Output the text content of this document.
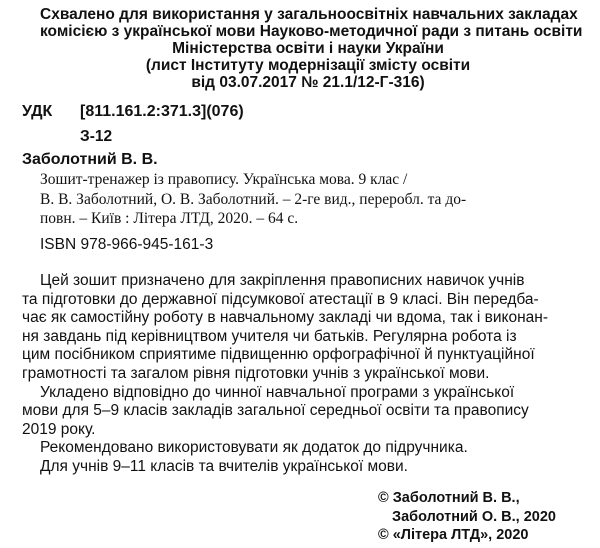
Схвалено для використання у загальноосвітніх навчальних закладах
комісією з української мови Науково-методичної ради з питань освіти
Міністерства освіти і науки України
(лист Інституту модернізації змісту освіти
від 03.07.2017 № 21.1/12-Г-316)
УДК [811.161.2:371.3](076)
З-12
Заболотний В. В.
Зошит-тренажер із правопису. Українська мова. 9 клас /
В. В. Заболотний, О. В. Заболотний. – 2-ге вид., переробл. та до-
повн. – Київ : Літера ЛТД, 2020. – 64 с.
ISBN 978-966-945-161-3
Цей зошит призначено для закріплення правописних навичок учнів
та підготовки до державної підсумкової атестації в 9 класі. Він передба-
чає як самостійну роботу в навчальному закладі чи вдома, так і виконан-
ня завдань під керівництвом учителя чи батьків. Регулярна робота із
цим посібником сприятиме підвищенню орфографічної й пунктуаційної
грамотності та загалом рівня підготовки учнів з української мови.
Укладено відповідно до чинної навчальної програми з української
мови для 5–9 класів закладів загальної середньої освіти та правопису
2019 року.
Рекомендовано використовувати як додаток до підручника.
Для учнів 9–11 класів та вчителів української мови.
© Заболотний В. В.,
Заболотний О. В., 2020
© «Літера ЛТД», 2020
